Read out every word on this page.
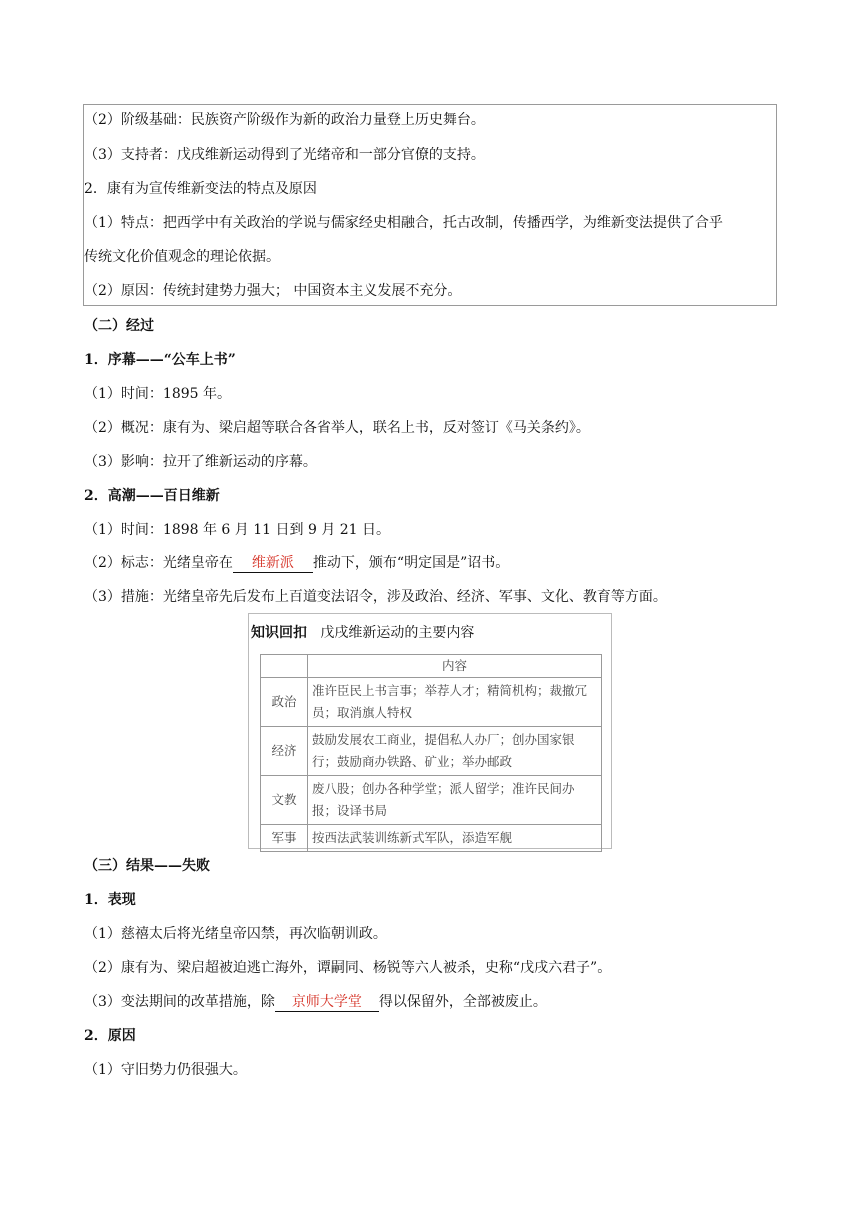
（2）阶级基础：民族资产阶级作为新的政治力量登上历史舞台。
（3）支持者：戊戌维新运动得到了光绪帝和一部分官僚的支持。
2．康有为宣传维新变法的特点及原因
（1）特点：把西学中有关政治的学说与儒家经史相融合，托古改制，传播西学，为维新变法提供了合乎
传统文化价值观念的理论依据。
（2）原因：传统封建势力强大； 中国资本主义发展不充分。
（二）经过
1．序幕——“公车上书”
（1）时间：1895 年。
（2）概况：康有为、梁启超等联合各省举人，联名上书，反对签订《马关条约》。
（3）影响：拉开了维新运动的序幕。
2．高潮——百日维新
（1）时间：1898 年 6 月 11 日到 9 月 21 日。
（2）标志：光绪皇帝在 维新派 推动下，颁布“明定国是”诏书。
（3）措施：光绪皇帝先后发布上百道变法诏令，涉及政治、经济、军事、文化、教育等方面。
知识回扣 戊戌维新运动的主要内容
	内容
政治	准许臣民上书言事；举荐人才；精简机构；裁撤冗员；取消旗人特权
经济	鼓励发展农工商业，提倡私人办厂；创办国家银行；鼓励商办铁路、矿业；举办邮政
文教	废八股；创办各种学堂；派人留学；准许民间办报；设译书局
军事	按西法武装训练新式军队，添造军舰
（三）结果——失败
1．表现
（1）慈禧太后将光绪皇帝囚禁，再次临朝训政。
（2）康有为、梁启超被迫逃亡海外，谭嗣同、杨锐等六人被杀，史称“戊戌六君子”。
（3）变法期间的改革措施，除 京师大学堂 得以保留外，全部被废止。
2．原因
（1）守旧势力仍很强大。
